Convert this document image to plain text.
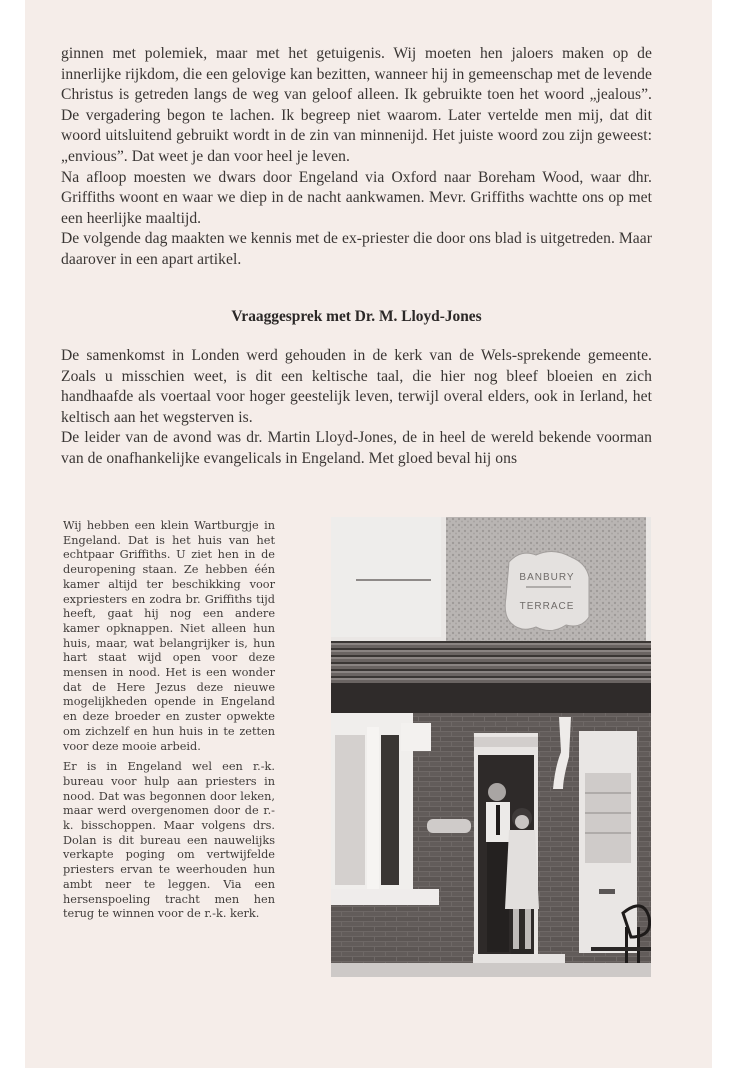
ginnen met polemiek, maar met het getuigenis. Wij moeten hen jaloers maken op de innerlijke rijkdom, die een gelovige kan bezitten, wanneer hij in gemeenschap met de levende Christus is getreden langs de weg van geloof alleen. Ik gebruikte toen het woord „jealous”. De vergadering begon te lachen. Ik begreep niet waarom. Later vertelde men mij, dat dit woord uitsluitend gebruikt wordt in de zin van minnenijd. Het juiste woord zou zijn geweest: „envious”. Dat weet je dan voor heel je leven.

Na afloop moesten we dwars door Engeland via Oxford naar Boreham Wood, waar dhr. Griffiths woont en waar we diep in de nacht aankwamen. Mevr. Griffiths wachtte ons op met een heerlijke maaltijd.

De volgende dag maakten we kennis met de ex-priester die door ons blad is uitgetreden. Maar daarover in een apart artikel.

Vraaggesprek met Dr. M. Lloyd-Jones

De samenkomst in Londen werd gehouden in de kerk van de Wels-sprekende gemeente. Zoals u misschien weet, is dit een keltische taal, die hier nog bleef bloeien en zich handhaafde als voertaal voor hoger geestelijk leven, terwijl overal elders, ook in Ierland, het keltisch aan het wegsterven is.

De leider van de avond was dr. Martin Lloyd-Jones, de in heel de wereld bekende voorman van de onafhankelijke evangelicals in Engeland. Met gloed beval hij ons

Wij hebben een klein Wartburgje in Engeland. Dat is het huis van het echtpaar Griffiths. U ziet hen in de deuropening staan. Ze hebben één kamer altijd ter beschikking voor expriesters en zodra br. Griffiths tijd heeft, gaat hij nog een andere kamer opknappen. Niet alleen hun huis, maar, wat belangrijker is, hun hart staat wijd open voor deze mensen in nood. Het is een wonder dat de Here Jezus deze nieuwe mogelijkheden opende in Engeland en deze broeder en zuster opwekte om zichzelf en hun huis in te zetten voor deze mooie arbeid.

Er is in Engeland wel een r.-k. bureau voor hulp aan priesters in nood. Dat was begonnen door leken, maar werd overgenomen door de r.-k. bisschoppen. Maar volgens drs. Dolan is dit bureau een nauwelijks verkapte poging om vertwijfelde priesters ervan te weerhouden hun ambt neer te leggen. Via een hersenspoeling tracht men hen terug te winnen voor de r.-k. kerk.

BANBURY
TERRACE
